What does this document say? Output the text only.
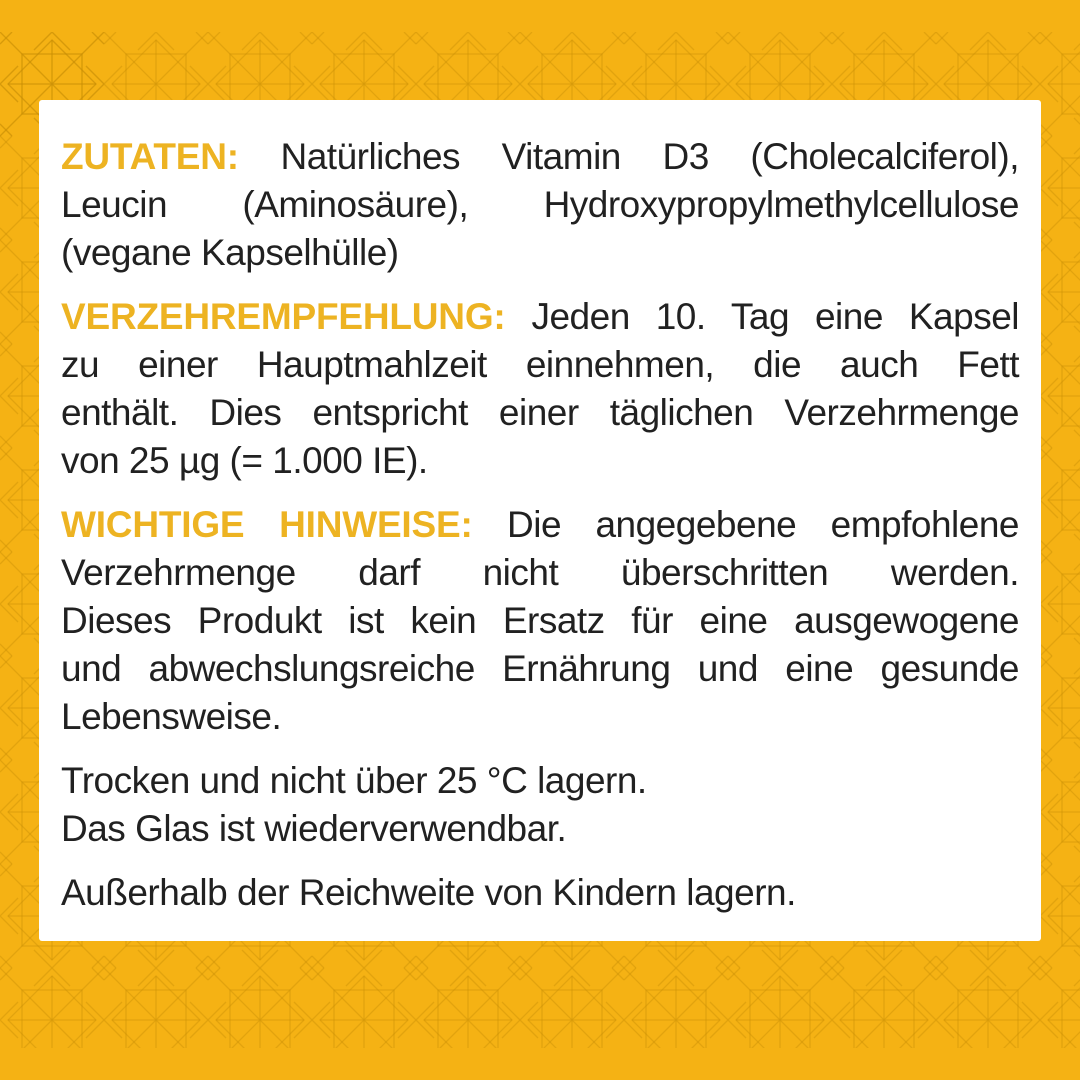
ZUTATEN: Natürliches Vitamin D3 (Cholecalciferol),
Leucin (Aminosäure), Hydroxypropylmethylcellulose
(vegane Kapselhülle)

VERZEHREMPFEHLUNG: Jeden 10. Tag eine Kapsel
zu einer Hauptmahlzeit einnehmen, die auch Fett
enthält. Dies entspricht einer täglichen Verzehrmenge
von 25 µg (= 1.000 IE).

WICHTIGE HINWEISE: Die angegebene empfohlene
Verzehrmenge darf nicht überschritten werden.
Dieses Produkt ist kein Ersatz für eine ausgewogene
und abwechslungsreiche Ernährung und eine gesunde
Lebensweise.

Trocken und nicht über 25 °C lagern.
Das Glas ist wiederverwendbar.

Außerhalb der Reichweite von Kindern lagern.
